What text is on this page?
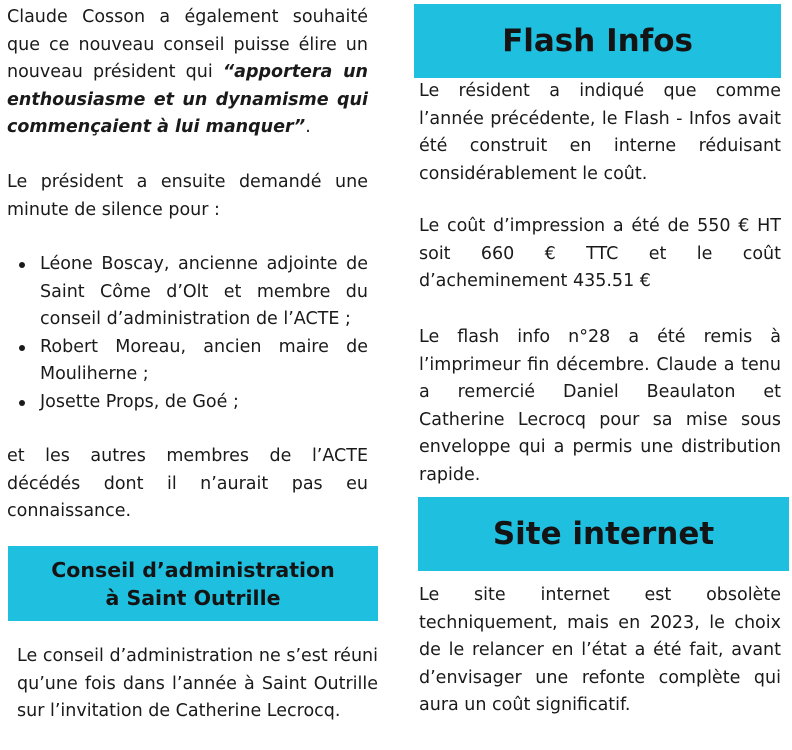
Claude Cosson a également souhaité que ce nouveau conseil puisse élire un nouveau président qui “apportera un enthousiasme et un dynamisme qui commençaient à lui manquer”.

Le président a ensuite demandé une minute de silence pour :

Léone Boscay, ancienne adjointe de Saint Côme d’Olt et membre du conseil d’administration de l’ACTE ;
Robert Moreau, ancien maire de Mouliherne ;
Josette Props, de Goé ;

et les autres membres de l’ACTE décédés dont il n’aurait pas eu connaissance.

Conseil d’administration
à Saint Outrille

Le conseil d’administration ne s’est réuni qu’une fois dans l’année à Saint Outrille sur l’invitation de Catherine Lecrocq.

Flash Infos

Le résident a indiqué que comme l’année précédente, le Flash - Infos avait été construit en interne réduisant considérablement le coût.

Le coût d’impression a été de 550 € HT soit 660 € TTC et le coût d’acheminement 435.51 €

Le flash info n°28 a été remis à l’imprimeur fin décembre. Claude a tenu a remercié Daniel Beaulaton et Catherine Lecrocq pour sa mise sous enveloppe qui a permis une distribution rapide.

Site internet

Le site internet est obsolète techniquement, mais en 2023, le choix de le relancer en l’état a été fait, avant d’envisager une refonte complète qui aura un coût significatif.
